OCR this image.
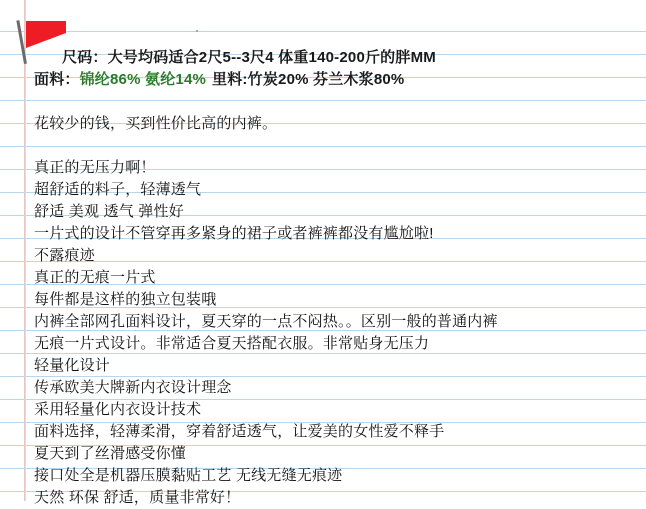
尺码：大号均码适合2尺5--3尺4 体重140-200斤的胖MM
面料：锦纶86% 氨纶14% 里料:竹炭20% 芬兰木浆80%
花较少的钱，买到性价比高的内裤。
真正的无压力啊！
超舒适的料子，轻薄透气
舒适 美观 透气 弹性好
一片式的设计不管穿再多紧身的裙子或者裤裤都没有尴尬啦!
不露痕迹
真正的无痕一片式
每件都是这样的独立包装哦
内裤全部网孔面料设计，夏天穿的一点不闷热。。区别一般的普通内裤
无痕一片式设计。非常适合夏天搭配衣服。非常贴身无压力
轻量化设计
传承欧美大牌新内衣设计理念
采用轻量化内衣设计技术
面料选择，轻薄柔滑，穿着舒适透气，让爱美的女性爱不释手
夏天到了丝滑感受你懂
接口处全是机器压膜黏贴工艺 无线无缝无痕迹
天然 环保 舒适，质量非常好！
